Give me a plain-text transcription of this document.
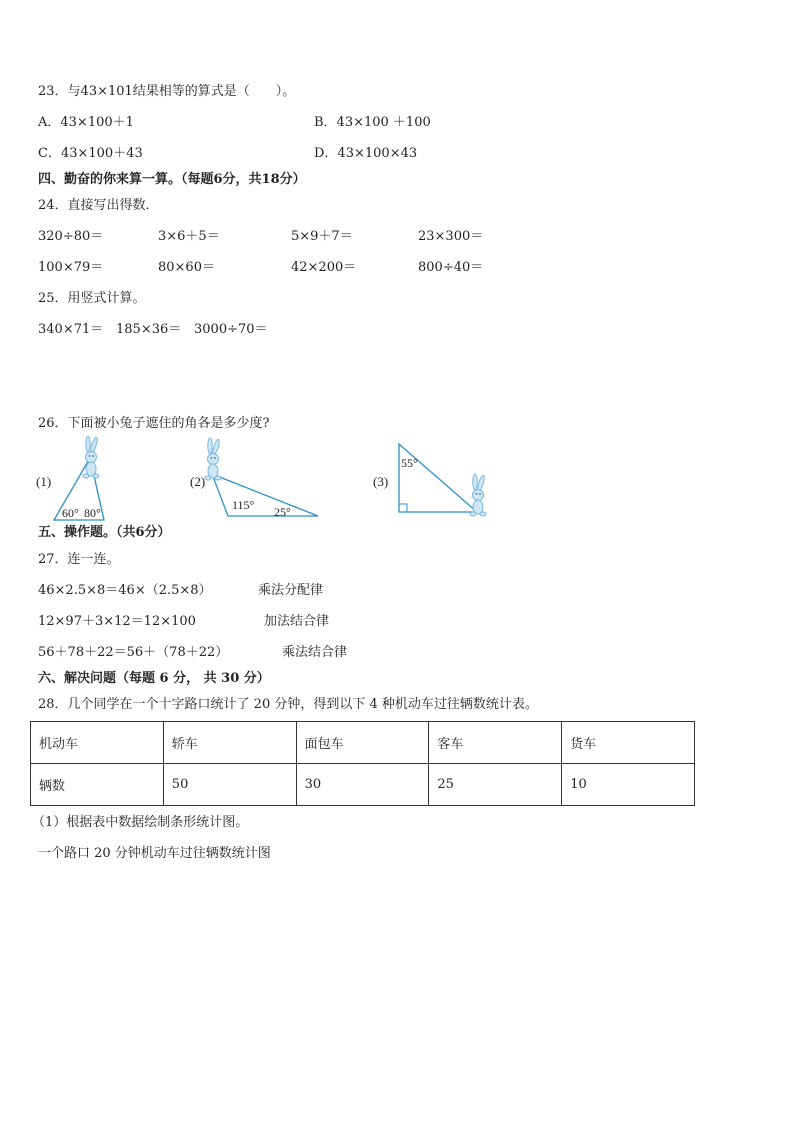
23．与43×101结果相等的算式是（　　）。
A．43×100＋1	B．43×100 ＋100
C．43×100＋43	D．43×100×43
四、勤奋的你来算一算。（每题6分，共18分）
24．直接写出得数．
320÷80＝	3×6＋5＝	5×9＋7＝	23×300＝
100×79＝	80×60＝	42×200＝	800÷40＝
25．用竖式计算。
340×71＝ 185×36＝ 3000÷70＝
26．下面被小兔子遮住的角各是多少度?
(1)
60° 80°
(2)
115° 25°
(3)
55°
五、操作题。（共6分）
27．连一连。
46×2.5×8＝46×（2.5×8）	乘法分配律
12×97＋3×12＝12×100	加法结合律
56＋78＋22＝56＋（78＋22）	乘法结合律
六、解决问题（每题 6 分， 共 30 分）
28．几个同学在一个十字路口统计了 20 分钟，得到以下 4 种机动车过往辆数统计表。
机动车	轿车	面包车	客车	货车
辆数	50	30	25	10
（1）根据表中数据绘制条形统计图。
一个路口 20 分钟机动车过往辆数统计图
